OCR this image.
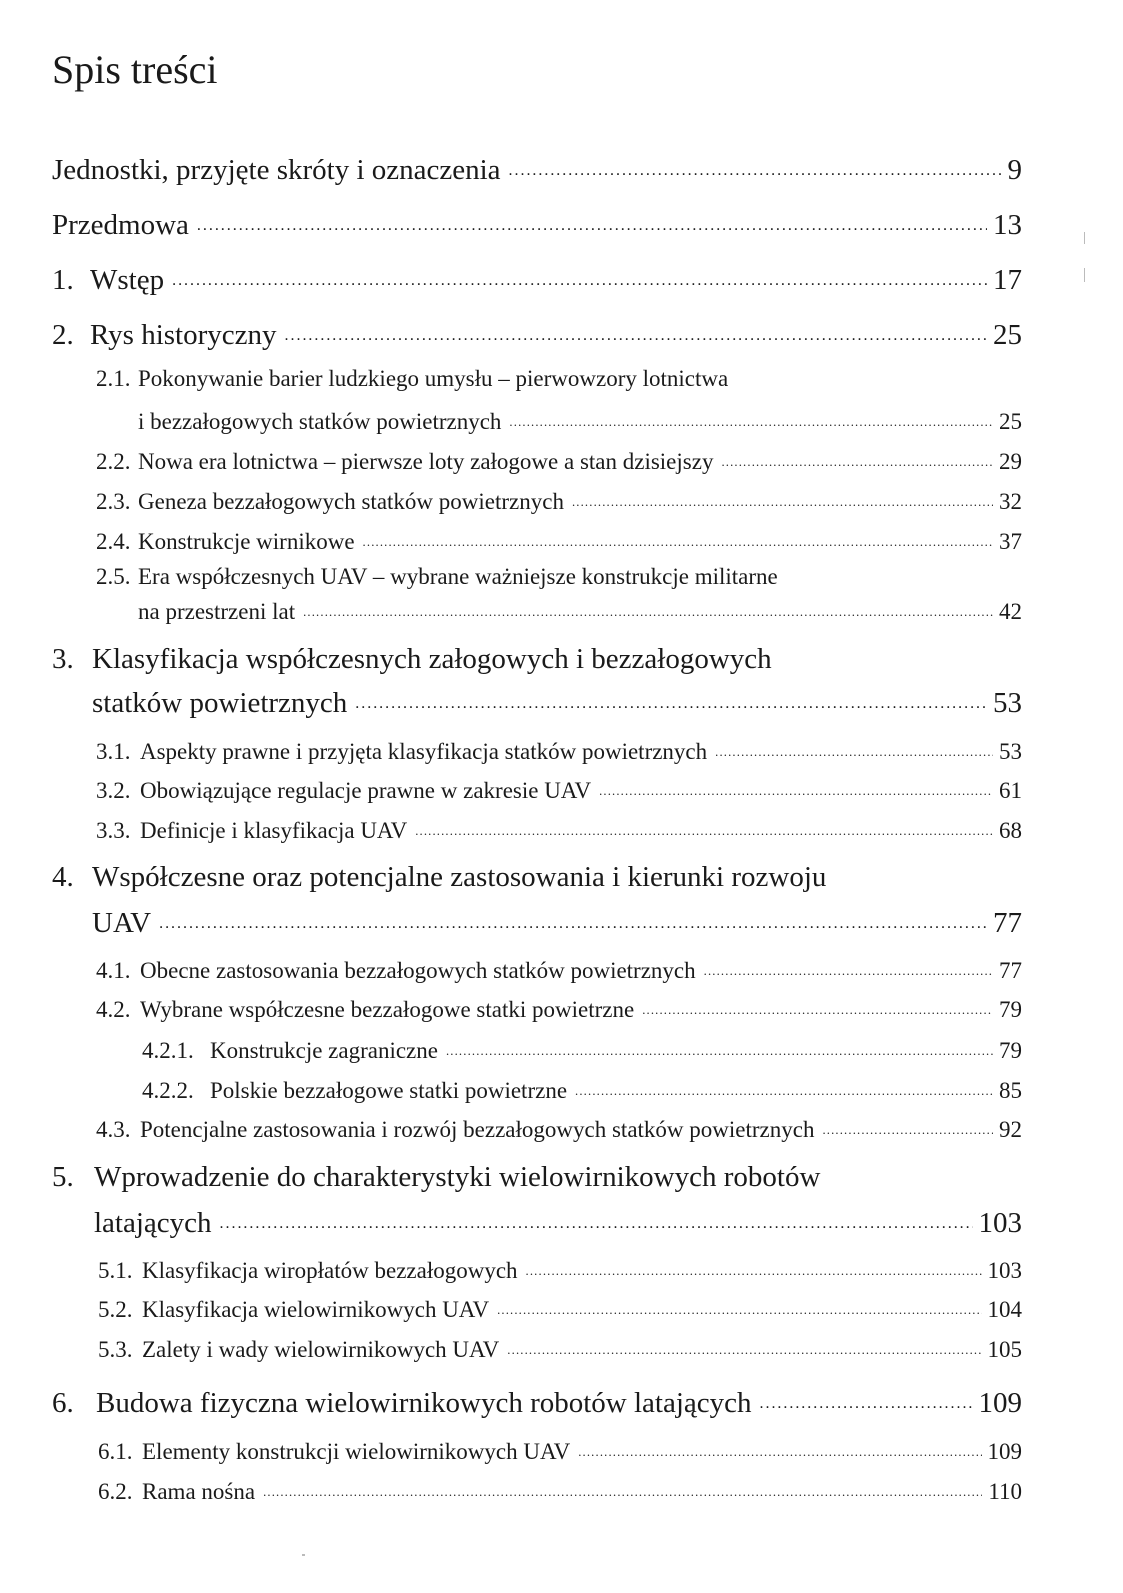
Spis treści
Jednostki, przyjęte skróty i oznaczenia . . .	9
Przedmowa . . .	13
1. Wstęp . . .	17
2. Rys historyczny . . .	25
2.1. Pokonywanie barier ludzkiego umysłu – pierwowzory lotnictwa
i bezzałogowych statków powietrznych . . .	25
2.2. Nowa era lotnictwa – pierwsze loty załogowe a stan dzisiejszy . . .	29
2.3. Geneza bezzałogowych statków powietrznych . . .	32
2.4. Konstrukcje wirnikowe . . .	37
2.5. Era współczesnych UAV – wybrane ważniejsze konstrukcje militarne
na przestrzeni lat . . .	42
3. Klasyfikacja współczesnych załogowych i bezzałogowych
statków powietrznych . . .	53
3.1. Aspekty prawne i przyjęta klasyfikacja statków powietrznych . . .	53
3.2. Obowiązujące regulacje prawne w zakresie UAV . . .	61
3.3. Definicje i klasyfikacja UAV . . .	68
4. Współczesne oraz potencjalne zastosowania i kierunki rozwoju
UAV . . .	77
4.1. Obecne zastosowania bezzałogowych statków powietrznych . . .	77
4.2. Wybrane współczesne bezzałogowe statki powietrzne . . .	79
4.2.1. Konstrukcje zagraniczne . . .	79
4.2.2. Polskie bezzałogowe statki powietrzne . . .	85
4.3. Potencjalne zastosowania i rozwój bezzałogowych statków powietrznych . . .	92
5. Wprowadzenie do charakterystyki wielowirnikowych robotów
latających . . .	103
5.1. Klasyfikacja wiropłatów bezzałogowych . . .	103
5.2. Klasyfikacja wielowirnikowych UAV . . .	104
5.3. Zalety i wady wielowirnikowych UAV . . .	105
6. Budowa fizyczna wielowirnikowych robotów latających . . .	109
6.1. Elementy konstrukcji wielowirnikowych UAV . . .	109
6.2. Rama nośna . . .	110
